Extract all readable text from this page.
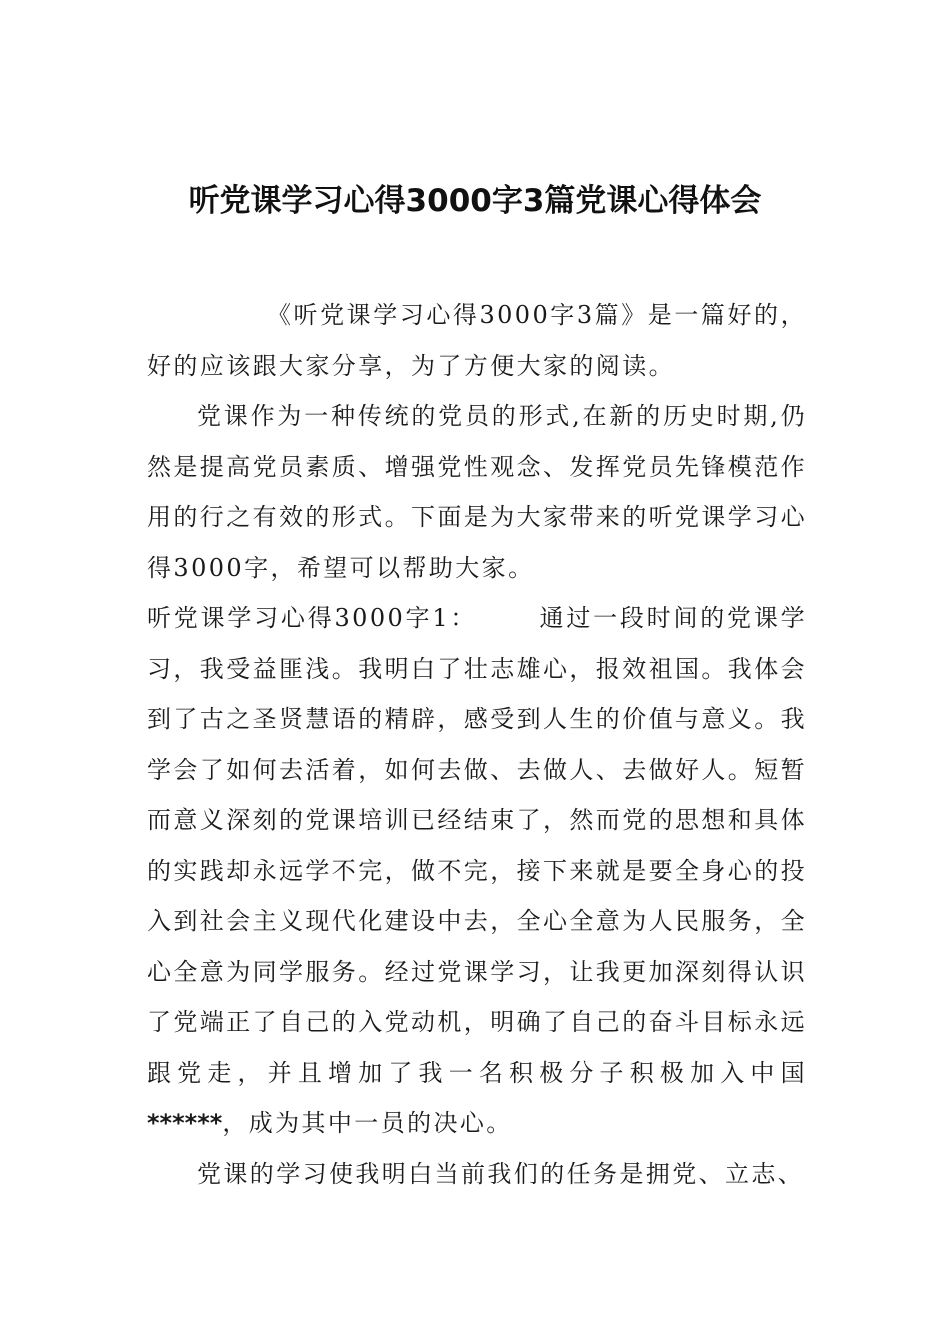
听党课学习心得3000字3篇党课心得体会

《听党课学习心得3000字3篇》是一篇好的，好的应该跟大家分享，为了方便大家的阅读。

党课作为一种传统的党员的形式,在新的历史时期,仍然是提高党员素质、增强党性观念、发挥党员先锋模范作用的行之有效的形式。下面是为大家带来的听党课学习心得3000字，希望可以帮助大家。

听党课学习心得3000字1：	通过一段时间的党课学习，我受益匪浅。我明白了壮志雄心，报效祖国。我体会到了古之圣贤慧语的精辟，感受到人生的价值与意义。我学会了如何去活着，如何去做、去做人、去做好人。短暂而意义深刻的党课培训已经结束了，然而党的思想和具体的实践却永远学不完，做不完，接下来就是要全身心的投入到社会主义现代化建设中去，全心全意为人民服务，全心全意为同学服务。经过党课学习，让我更加深刻得认识了党端正了自己的入党动机，明确了自己的奋斗目标永远跟党走，并且增加了我一名积极分子积极加入中国******，成为其中一员的决心。

党课的学习使我明白当前我们的任务是拥党、立志、
